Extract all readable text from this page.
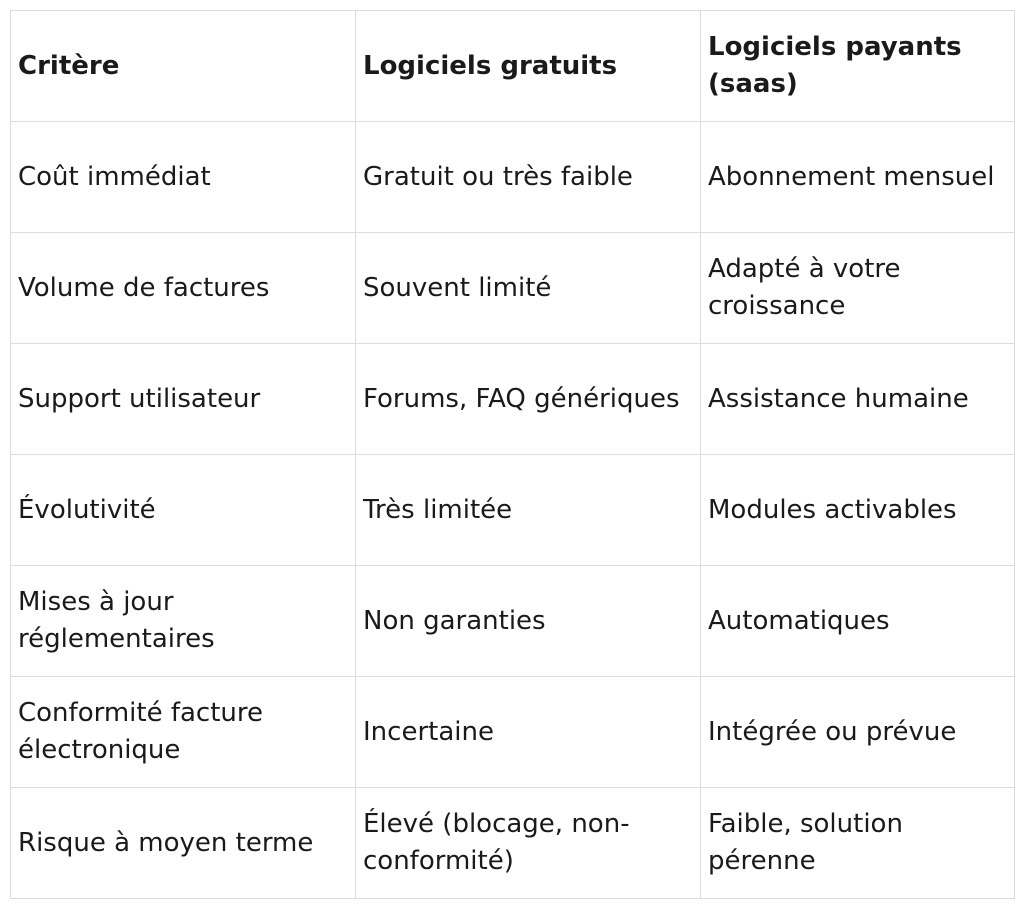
Critère	Logiciels gratuits	Logiciels payants (saas)
Coût immédiat	Gratuit ou très faible	Abonnement mensuel
Volume de factures	Souvent limité	Adapté à votre croissance
Support utilisateur	Forums, FAQ génériques	Assistance humaine
Évolutivité	Très limitée	Modules activables
Mises à jour réglementaires	Non garanties	Automatiques
Conformité facture électronique	Incertaine	Intégrée ou prévue
Risque à moyen terme	Élevé (blocage, non-conformité)	Faible, solution pérenne
